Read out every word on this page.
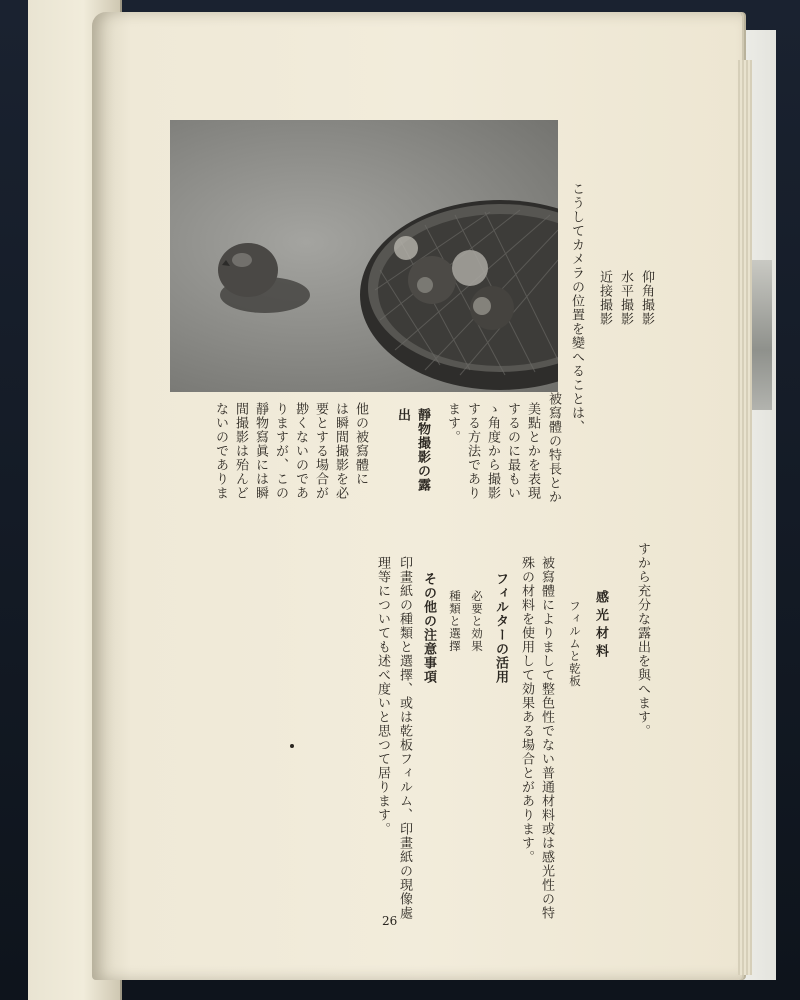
仰角撮影
水平撮影
近接撮影
こうしてカメラの位置を變へることは、
被寫體の特長とか
美點とかを表現
するのに最もい
ゝ角度から撮影
する方法であり
ます。
靜物撮影の露
出
他の被寫體に
は瞬間撮影を必
要とする場合が
尠くないのであ
りますが、この
靜物寫眞には瞬
間撮影は殆んど
ないのでありま
すから充分な露出を與へます。
感光材料
フィルムと乾板
被寫體によりまして整色性でない普通材料或は感光性の特
殊の材料を使用して効果ある場合とがあります。
フィルターの活用
必要と効果
種類と選擇
その他の注意事項
印畫紙の種類と選擇、或は乾板フィルム、印畫紙の現像處
理等についても述べ度いと思つて居ります。
26
